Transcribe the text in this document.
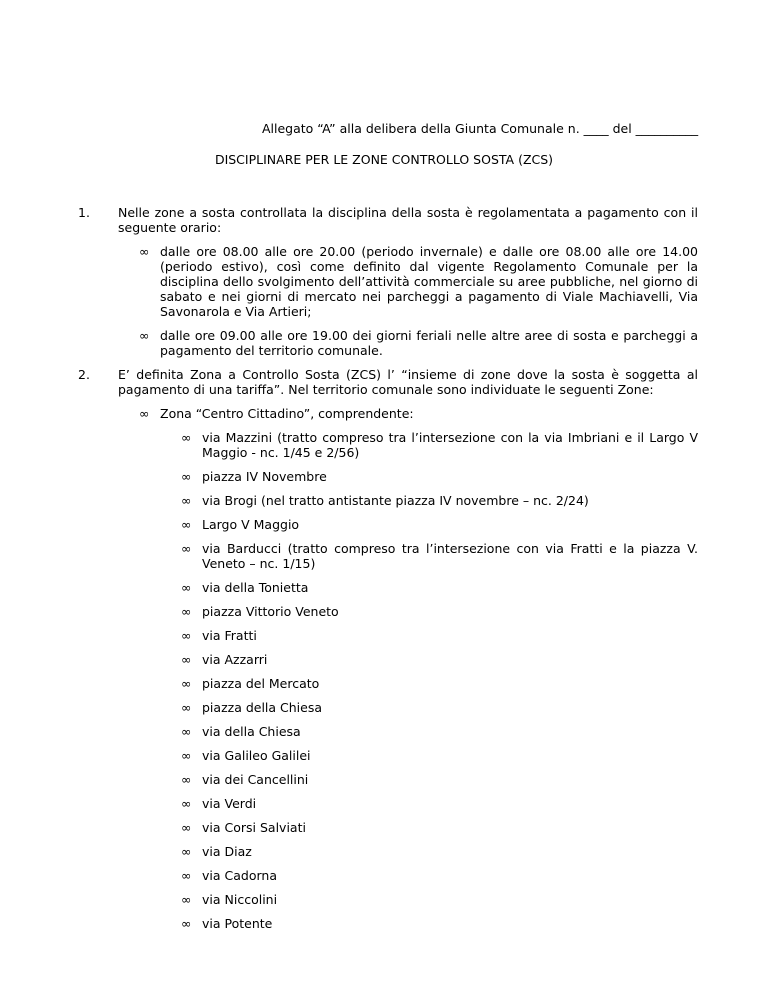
Allegato “A” alla delibera della Giunta Comunale n. ____ del __________
DISCIPLINARE PER LE ZONE CONTROLLO SOSTA (ZCS)
1. Nelle zone a sosta controllata la disciplina della sosta è regolamentata a pagamento con il seguente orario:
∞ dalle ore 08.00 alle ore 20.00 (periodo invernale) e dalle ore 08.00 alle ore 14.00 (periodo estivo), così come definito dal vigente Regolamento Comunale per la disciplina dello svolgimento dell’attività commerciale su aree pubbliche, nel giorno di sabato e nei giorni di mercato nei parcheggi a pagamento di Viale Machiavelli, Via Savonarola e Via Artieri;
∞ dalle ore 09.00 alle ore 19.00 dei giorni feriali nelle altre aree di sosta e parcheggi a pagamento del territorio comunale.
2. E’ definita Zona a Controllo Sosta (ZCS) l’ “insieme di zone dove la sosta è soggetta al pagamento di una tariffa”. Nel territorio comunale sono individuate le seguenti Zone:
∞ Zona “Centro Cittadino”, comprendente:
∞ via Mazzini (tratto compreso tra l’intersezione con la via Imbriani e il Largo V Maggio - nc. 1/45 e 2/56)
∞ piazza IV Novembre
∞ via Brogi (nel tratto antistante piazza IV novembre – nc. 2/24)
∞ Largo V Maggio
∞ via Barducci (tratto compreso tra l’intersezione con via Fratti e la piazza V. Veneto – nc. 1/15)
∞ via della Tonietta
∞ piazza Vittorio Veneto
∞ via Fratti
∞ via Azzarri
∞ piazza del Mercato
∞ piazza della Chiesa
∞ via della Chiesa
∞ via Galileo Galilei
∞ via dei Cancellini
∞ via Verdi
∞ via Corsi Salviati
∞ via Diaz
∞ via Cadorna
∞ via Niccolini
∞ via Potente
